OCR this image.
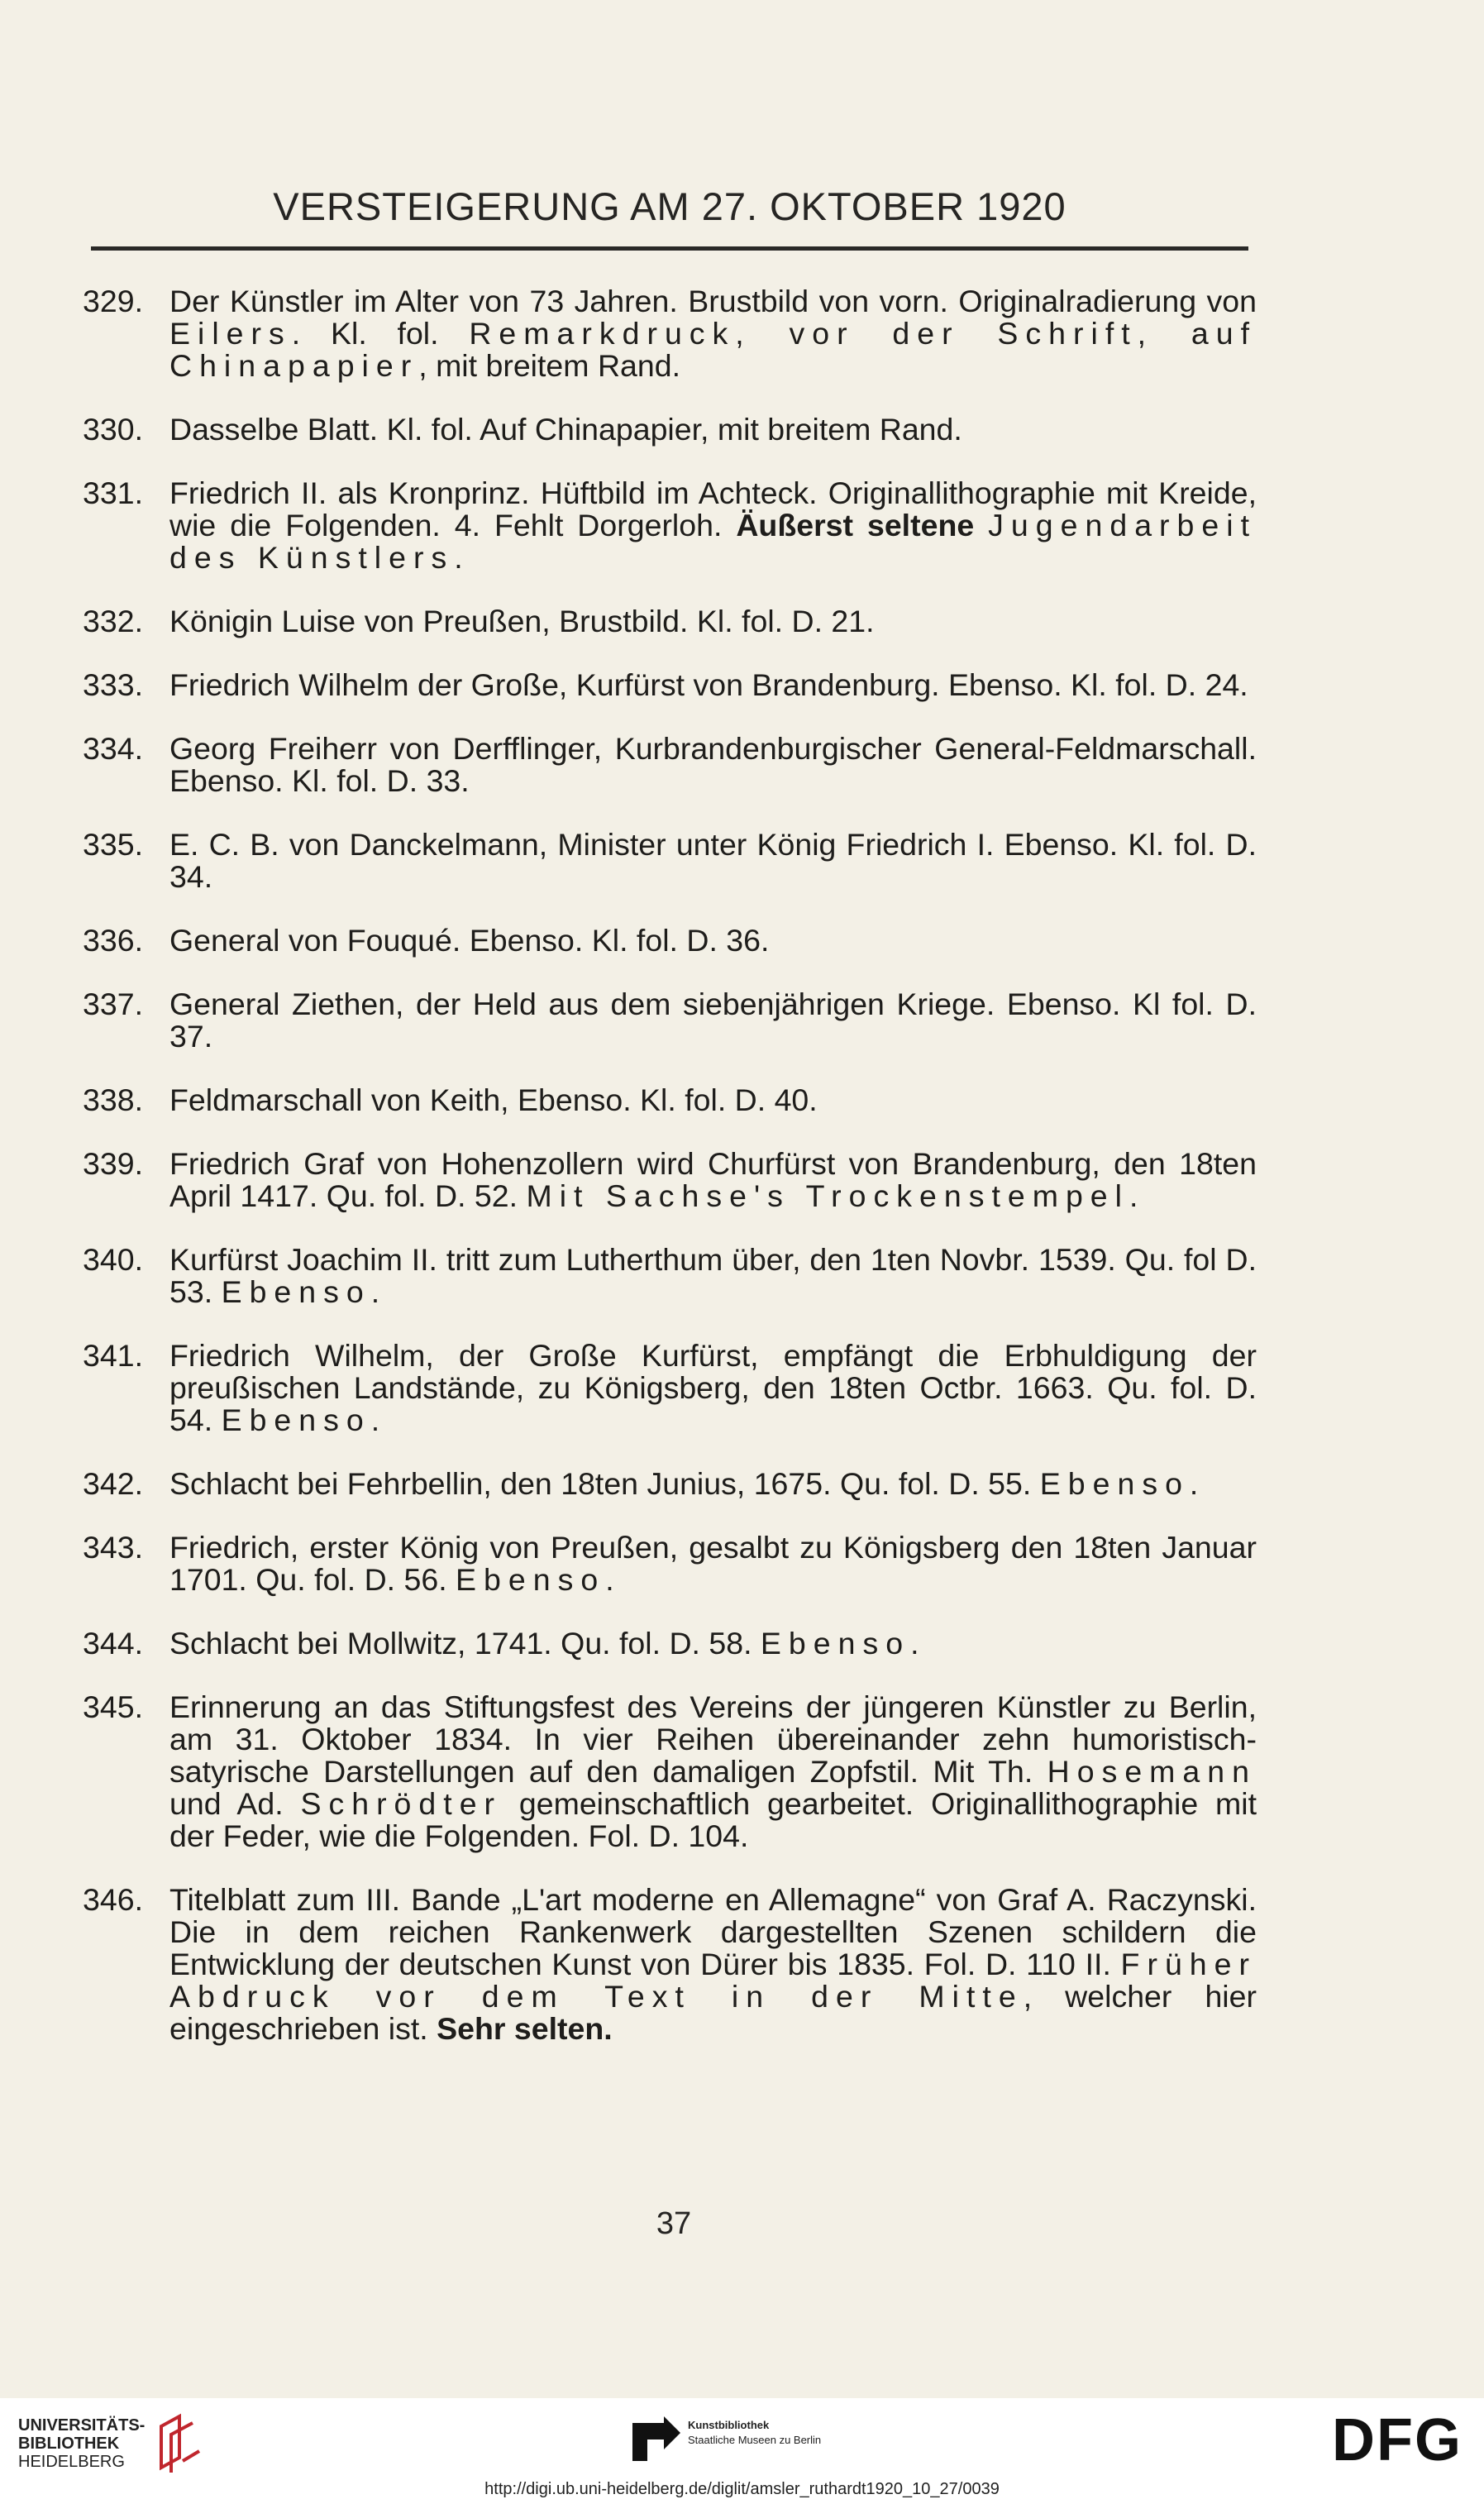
VERSTEIGERUNG AM 27. OKTOBER 1920
329. Der Künstler im Alter von 73 Jahren. Brustbild von vorn. Originalradierung von Eilers. Kl. fol. Remarkdruck, vor der Schrift, auf Chinapapier, mit breitem Rand.
330. Dasselbe Blatt. Kl. fol. Auf Chinapapier, mit breitem Rand.
331. Friedrich II. als Kronprinz. Hüftbild im Achteck. Originallithographie mit Kreide, wie die Folgenden. 4. Fehlt Dorgerloh. Äußerst seltene Jugendarbeit des Künstlers.
332. Königin Luise von Preußen, Brustbild. Kl. fol. D. 21.
333. Friedrich Wilhelm der Große, Kurfürst von Brandenburg. Ebenso. Kl. fol. D. 24.
334. Georg Freiherr von Derfflinger, Kurbrandenburgischer General-Feldmarschall. Ebenso. Kl. fol. D. 33.
335. E. C. B. von Danckelmann, Minister unter König Friedrich I. Ebenso. Kl. fol. D. 34.
336. General von Fouqué. Ebenso. Kl. fol. D. 36.
337. General Ziethen, der Held aus dem siebenjährigen Kriege. Ebenso. Kl fol. D. 37.
338. Feldmarschall von Keith, Ebenso. Kl. fol. D. 40.
339. Friedrich Graf von Hohenzollern wird Churfürst von Brandenburg, den 18ten April 1417. Qu. fol. D. 52. Mit Sachse's Trockenstempel.
340. Kurfürst Joachim II. tritt zum Lutherthum über, den 1ten Novbr. 1539. Qu. fol D. 53. Ebenso.
341. Friedrich Wilhelm, der Große Kurfürst, empfängt die Erbhuldigung der preußischen Landstände, zu Königsberg, den 18ten Octbr. 1663. Qu. fol. D. 54. Ebenso.
342. Schlacht bei Fehrbellin, den 18ten Junius, 1675. Qu. fol. D. 55. Ebenso.
343. Friedrich, erster König von Preußen, gesalbt zu Königsberg den 18ten Januar 1701. Qu. fol. D. 56. Ebenso.
344. Schlacht bei Mollwitz, 1741. Qu. fol. D. 58. Ebenso.
345. Erinnerung an das Stiftungsfest des Vereins der jüngeren Künstler zu Berlin, am 31. Oktober 1834. In vier Reihen übereinander zehn humoristisch-satyrische Darstellungen auf den damaligen Zopfstil. Mit Th. Hosemann und Ad. Schrödter gemeinschaftlich gearbeitet. Originallithographie mit der Feder, wie die Folgenden. Fol. D. 104.
346. Titelblatt zum III. Bande „L'art moderne en Allemagne“ von Graf A. Raczynski. Die in dem reichen Rankenwerk dargestellten Szenen schildern die Entwicklung der deutschen Kunst von Dürer bis 1835. Fol. D. 110 II. Früher Abdruck vor dem Text in der Mitte, welcher hier eingeschrieben ist. Sehr selten.
37
UNIVERSITÄTS-
BIBLIOTHEK
HEIDELBERG
Kunstbibliothek
Staatliche Museen zu Berlin	DFG
http://digi.ub.uni-heidelberg.de/diglit/amsler_ruthardt1920_10_27/0039
